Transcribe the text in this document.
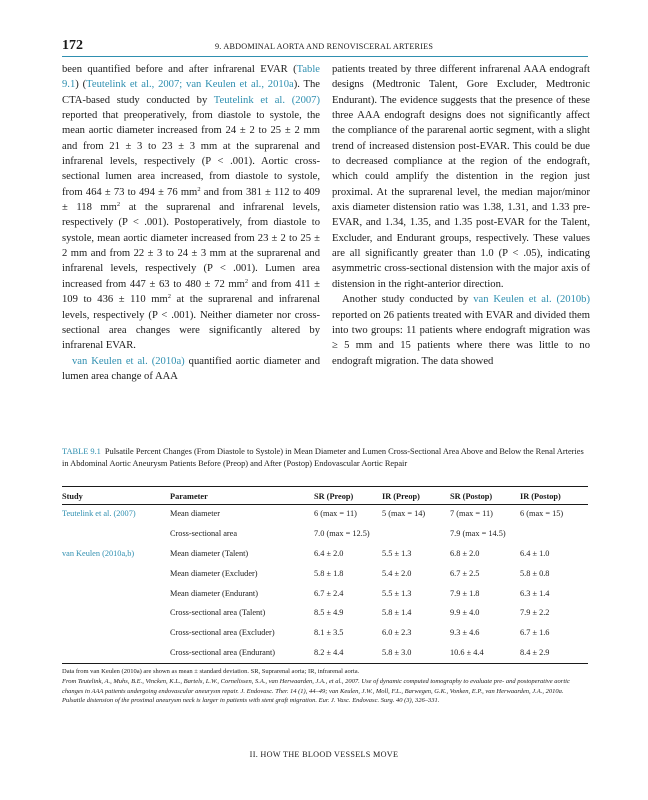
172	9. ABDOMINAL AORTA AND RENOVISCERAL ARTERIES

been quantified before and after infrarenal EVAR (Table 9.1) (Teutelink et al., 2007; van Keulen et al., 2010a). The CTA-based study conducted by Teutelink et al. (2007) reported that preoperatively, from diastole to systole, the mean aortic diameter increased from 24 ± 2 to 25 ± 2 mm and from 21 ± 3 to 23 ± 3 mm at the suprarenal and infrarenal levels, respectively (P < .001). Aortic cross-sectional lumen area increased, from diastole to systole, from 464 ± 73 to 494 ± 76 $mm^2$ and from 381 ± 112 to 409 ± 118 $mm^2$ at the suprarenal and infrarenal levels, respectively (P < .001). Postoperatively, from diastole to systole, mean aortic diameter increased from 23 ± 2 to 25 ± 2 mm and from 22 ± 3 to 24 ± 3 mm at the suprarenal and infrarenal levels, respectively (P < .001). Lumen area increased from 447 ± 63 to 480 ± 72 $mm^2$ and from 411 ± 109 to 436 ± 110 $mm^2$ at the suprarenal and infrarenal levels, respectively (P < .001). Neither diameter nor cross-sectional area changes were significantly altered by infrarenal EVAR.

van Keulen et al. (2010a) quantified aortic diameter and lumen area change of AAA

patients treated by three different infrarenal AAA endograft designs (Medtronic Talent, Gore Excluder, Medtronic Endurant). The evidence suggests that the presence of these three AAA endograft designs does not significantly affect the compliance of the pararenal aortic segment, with a slight trend of increased distension post-EVAR. This could be due to decreased compliance at the region of the endograft, which could amplify the distention in the region just proximal. At the suprarenal level, the median major/minor axis diameter distension ratio was 1.38, 1.31, and 1.33 pre-EVAR, and 1.34, 1.35, and 1.35 post-EVAR for the Talent, Excluder, and Endurant groups, respectively. These values are all significantly greater than 1.0 (P < .05), indicating asymmetric cross-sectional distension with the major axis of distension in the right-anterior direction.

Another study conducted by van Keulen et al. (2010b) reported on 26 patients treated with EVAR and divided them into two groups: 11 patients where endograft migration was ≥ 5 mm and 15 patients where there was little to no endograft migration. The data showed

TABLE 9.1 Pulsatile Percent Changes (From Diastole to Systole) in Mean Diameter and Lumen Cross-Sectional Area Above and Below the Renal Arteries in Abdominal Aortic Aneurysm Patients Before (Preop) and After (Postop) Endovascular Aortic Repair
Study	Parameter	SR (Preop)	IR (Preop)	SR (Postop)	IR (Postop)
Teutelink et al. (2007)	Mean diameter	6 (max = 11)	5 (max = 14)	7 (max = 11)	6 (max = 15)
	Cross-sectional area	7.0 (max = 12.5)		7.9 (max = 14.5)	
van Keulen (2010a,b)	Mean diameter (Talent)	6.4 ± 2.0	5.5 ± 1.3	6.8 ± 2.0	6.4 ± 1.0
	Mean diameter (Excluder)	5.8 ± 1.8	5.4 ± 2.0	6.7 ± 2.5	5.8 ± 0.8
	Mean diameter (Endurant)	6.7 ± 2.4	5.5 ± 1.3	7.9 ± 1.8	6.3 ± 1.4
	Cross-sectional area (Talent)	8.5 ± 4.9	5.8 ± 1.4	9.9 ± 4.0	7.9 ± 2.2
	Cross-sectional area (Excluder)	8.1 ± 3.5	6.0 ± 2.3	9.3 ± 4.6	6.7 ± 1.6
	Cross-sectional area (Endurant)	8.2 ± 4.4	5.8 ± 3.0	10.6 ± 4.4	8.4 ± 2.9
Data from van Keulen (2010a) are shown as mean ± standard deviation. SR, Suprarenal aorta; IR, infrarenal aorta.
From Teutelink, A., Muhs, B.E., Vincken, K.L., Bartels, L.W., Cornelissen, S.A., van Herwaarden, J.A., et al., 2007. Use of dynamic computed tomography to evaluate pre- and postoperative aortic changes in AAA patients undergoing endovascular aneurysm repair. J. Endovasc. Ther. 14 (1), 44–49; van Keulen, J.W., Moll, F.L., Barwegen, G.K., Vonken, E.P., van Herwaarden, J.A., 2010a. Pulsatile distension of the proximal aneurysm neck is larger in patients with stent graft migration. Eur. J. Vasc. Endovasc. Surg. 40 (3), 326–331.
II. HOW THE BLOOD VESSELS MOVE
